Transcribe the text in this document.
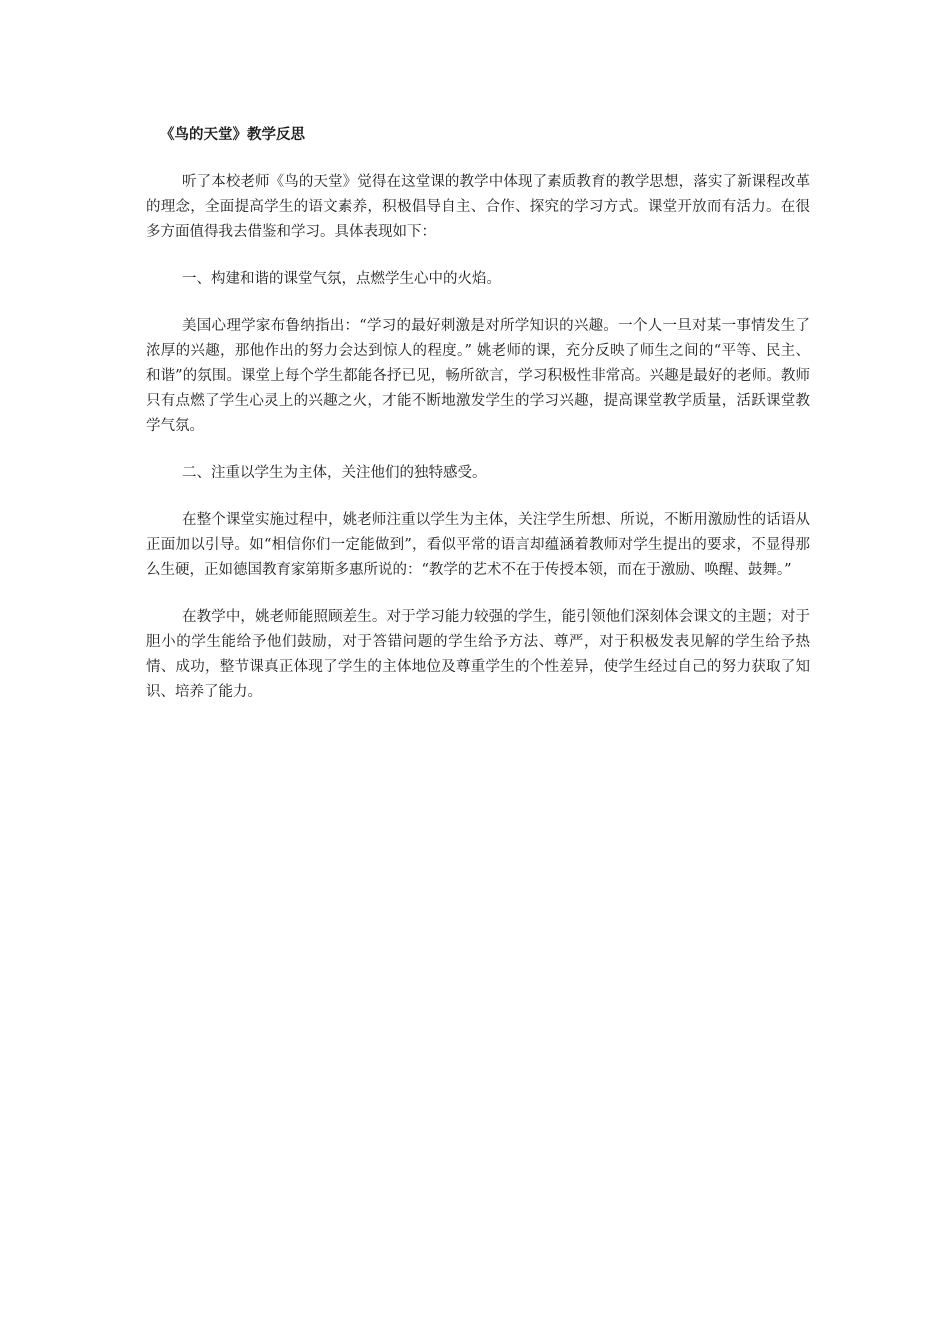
《鸟的天堂》教学反思

听了本校老师《鸟的天堂》觉得在这堂课的教学中体现了素质教育的教学思想，落实了新课程改革的理念，全面提高学生的语文素养，积极倡导自主、合作、探究的学习方式。课堂开放而有活力。在很多方面值得我去借鉴和学习。具体表现如下：

一、构建和谐的课堂气氛，点燃学生心中的火焰。

美国心理学家布鲁纳指出：“学习的最好刺激是对所学知识的兴趣。一个人一旦对某一事情发生了浓厚的兴趣，那他作出的努力会达到惊人的程度。” 姚老师的课，充分反映了师生之间的“平等、民主、和谐”的氛围。课堂上每个学生都能各抒已见，畅所欲言，学习积极性非常高。兴趣是最好的老师。教师只有点燃了学生心灵上的兴趣之火，才能不断地激发学生的学习兴趣，提高课堂教学质量，活跃课堂教学气氛。

二、注重以学生为主体，关注他们的独特感受。

在整个课堂实施过程中，姚老师注重以学生为主体，关注学生所想、所说，不断用激励性的话语从正面加以引导。如“相信你们一定能做到”，看似平常的语言却蕴涵着教师对学生提出的要求，不显得那么生硬，正如德国教育家第斯多惠所说的：“教学的艺术不在于传授本领，而在于激励、唤醒、鼓舞。”

在教学中，姚老师能照顾差生。对于学习能力较强的学生，能引领他们深刻体会课文的主题；对于胆小的学生能给予他们鼓励，对于答错问题的学生给予方法、尊严，对于积极发表见解的学生给予热情、成功，整节课真正体现了学生的主体地位及尊重学生的个性差异，使学生经过自己的努力获取了知识、培养了能力。
